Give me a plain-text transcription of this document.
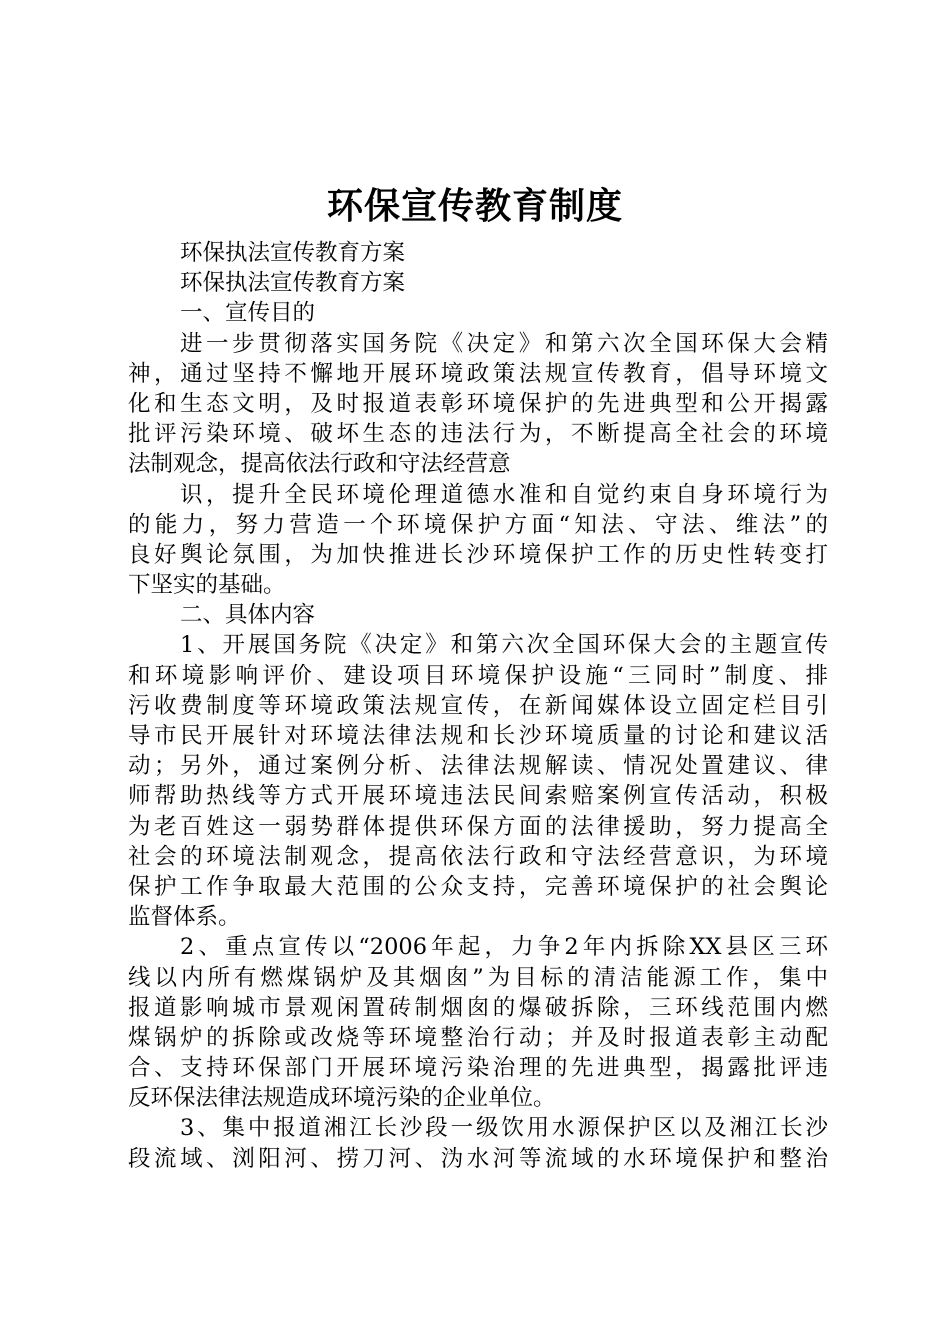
环保宣传教育制度
环保执法宣传教育方案
环保执法宣传教育方案
一、宣传目的
进一步贯彻落实国务院《决定》和第六次全国环保大会精
神，通过坚持不懈地开展环境政策法规宣传教育，倡导环境文
化和生态文明，及时报道表彰环境保护的先进典型和公开揭露
批评污染环境、破坏生态的违法行为，不断提高全社会的环境
法制观念，提高依法行政和守法经营意
识，提升全民环境伦理道德水准和自觉约束自身环境行为
的能力，努力营造一个环境保护方面“知法、守法、维法”的
良好舆论氛围，为加快推进长沙环境保护工作的历史性转变打
下坚实的基础。
二、具体内容
1、开展国务院《决定》和第六次全国环保大会的主题宣传
和环境影响评价、建设项目环境保护设施“三同时”制度、排
污收费制度等环境政策法规宣传，在新闻媒体设立固定栏目引
导市民开展针对环境法律法规和长沙环境质量的讨论和建议活
动；另外，通过案例分析、法律法规解读、情况处置建议、律
师帮助热线等方式开展环境违法民间索赔案例宣传活动，积极
为老百姓这一弱势群体提供环保方面的法律援助，努力提高全
社会的环境法制观念，提高依法行政和守法经营意识，为环境
保护工作争取最大范围的公众支持，完善环境保护的社会舆论
监督体系。
2、重点宣传以“2006年起，力争2年内拆除XX县区三环
线以内所有燃煤锅炉及其烟囱”为目标的清洁能源工作，集中
报道影响城市景观闲置砖制烟囱的爆破拆除，三环线范围内燃
煤锅炉的拆除或改烧等环境整治行动；并及时报道表彰主动配
合、支持环保部门开展环境污染治理的先进典型，揭露批评违
反环保法律法规造成环境污染的企业单位。
3、集中报道湘江长沙段一级饮用水源保护区以及湘江长沙
段流域、浏阳河、捞刀河、沩水河等流域的水环境保护和整治
